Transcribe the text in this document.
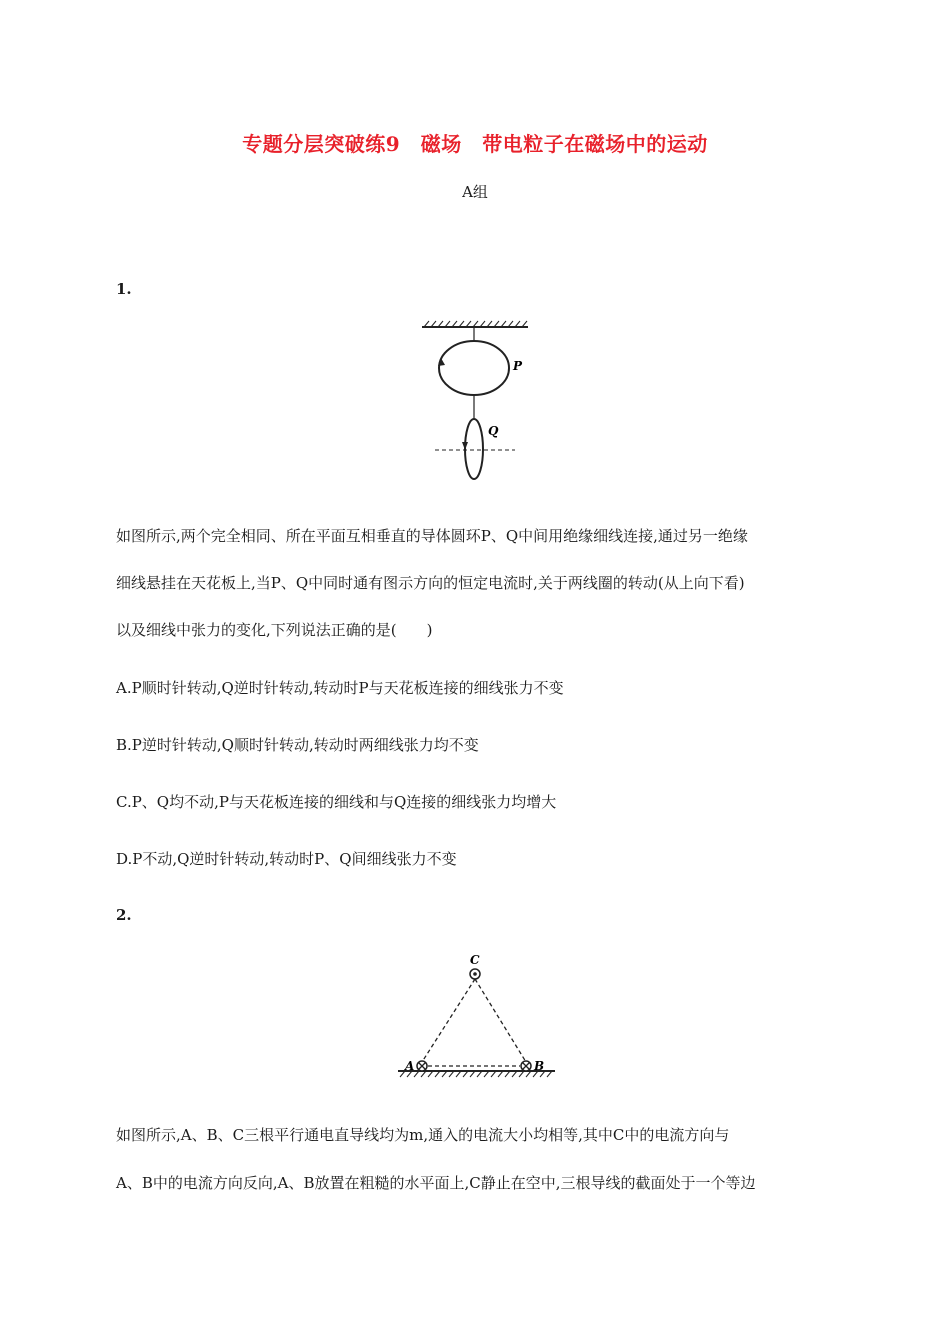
专题分层突破练9　磁场　带电粒子在磁场中的运动
A组
1.
P
Q
如图所示,两个完全相同、所在平面互相垂直的导体圆环P、Q中间用绝缘细线连接,通过另一绝缘
细线悬挂在天花板上,当P、Q中同时通有图示方向的恒定电流时,关于两线圈的转动(从上向下看)
以及细线中张力的变化,下列说法正确的是(　　)
A.P顺时针转动,Q逆时针转动,转动时P与天花板连接的细线张力不变
B.P逆时针转动,Q顺时针转动,转动时两细线张力均不变
C.P、Q均不动,P与天花板连接的细线和与Q连接的细线张力均增大
D.P不动,Q逆时针转动,转动时P、Q间细线张力不变
2.
C
A	B
如图所示,A、B、C三根平行通电直导线均为m,通入的电流大小均相等,其中C中的电流方向与
A、B中的电流方向反向,A、B放置在粗糙的水平面上,C静止在空中,三根导线的截面处于一个等边
